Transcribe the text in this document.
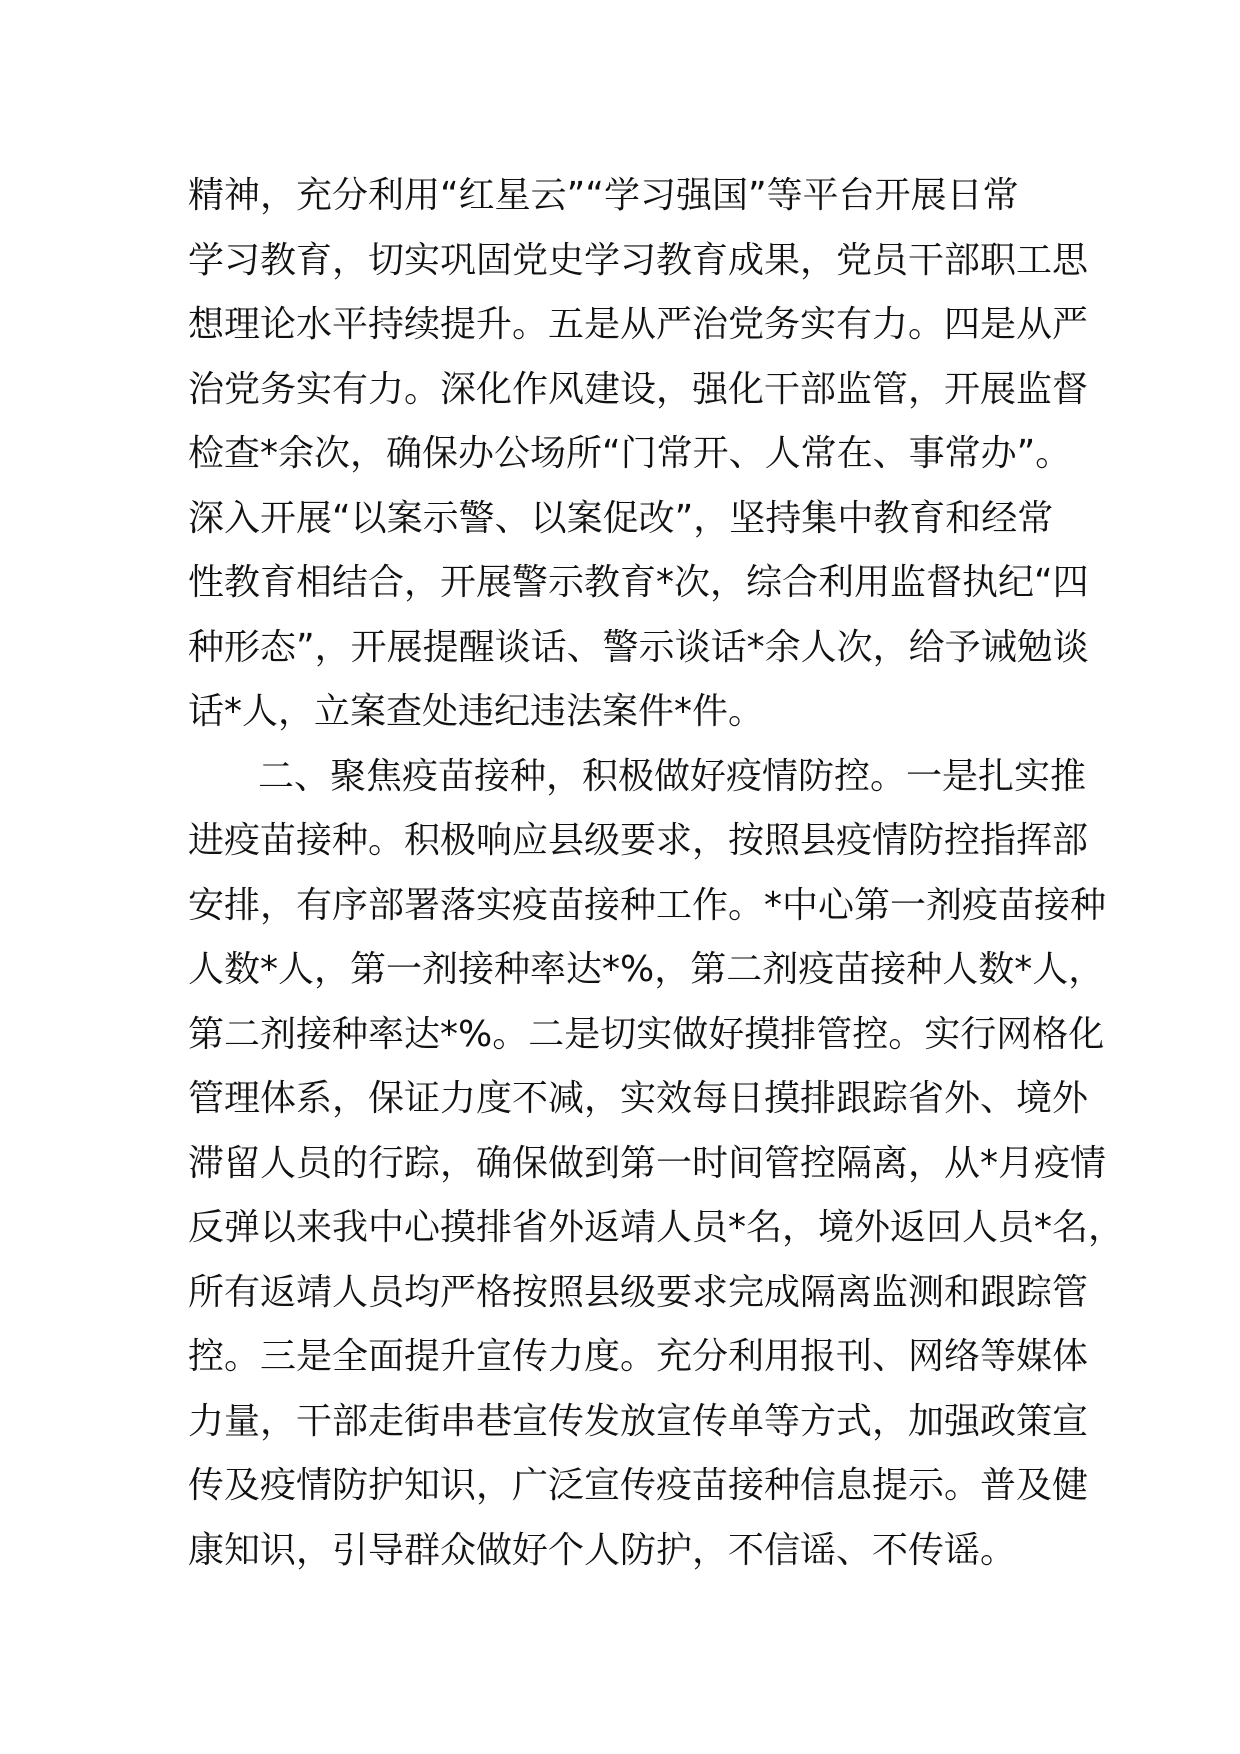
精神，充分利用“红星云”“学习强国”等平台开展日常
学习教育，切实巩固党史学习教育成果，党员干部职工思
想理论水平持续提升。五是从严治党务实有力。四是从严
治党务实有力。深化作风建设，强化干部监管，开展监督
检查*余次，确保办公场所“门常开、人常在、事常办”。
深入开展“以案示警、以案促改”，坚持集中教育和经常
性教育相结合，开展警示教育*次，综合利用监督执纪“四
种形态”，开展提醒谈话、警示谈话*余人次，给予诫勉谈
话*人，立案查处违纪违法案件*件。
二、聚焦疫苗接种，积极做好疫情防控。一是扎实推
进疫苗接种。积极响应县级要求，按照县疫情防控指挥部
安排，有序部署落实疫苗接种工作。*中心第一剂疫苗接种
人数*人，第一剂接种率达*%，第二剂疫苗接种人数*人，
第二剂接种率达*%。二是切实做好摸排管控。实行网格化
管理体系，保证力度不减，实效每日摸排跟踪省外、境外
滞留人员的行踪，确保做到第一时间管控隔离，从*月疫情
反弹以来我中心摸排省外返靖人员*名，境外返回人员*名，
所有返靖人员均严格按照县级要求完成隔离监测和跟踪管
控。三是全面提升宣传力度。充分利用报刊、网络等媒体
力量，干部走街串巷宣传发放宣传单等方式，加强政策宣
传及疫情防护知识，广泛宣传疫苗接种信息提示。普及健
康知识，引导群众做好个人防护，不信谣、不传谣。
